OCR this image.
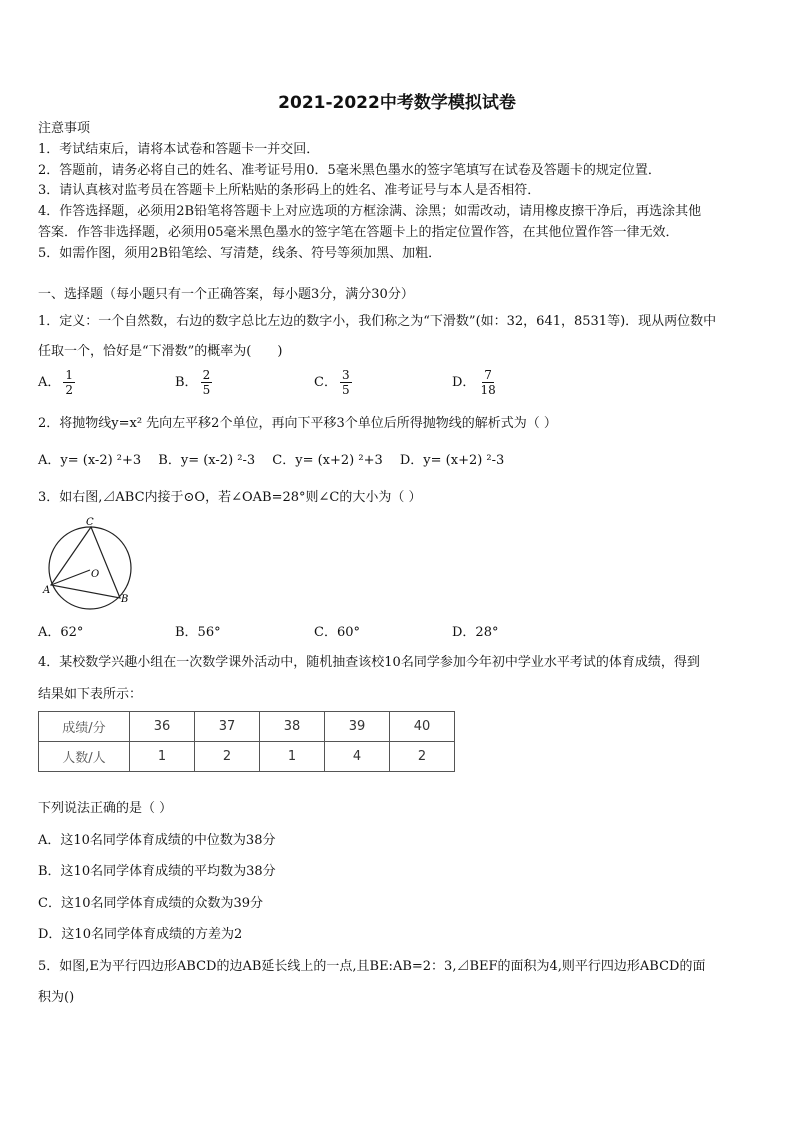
2021-2022中考数学模拟试卷
注意事项
1．考试结束后，请将本试卷和答题卡一并交回．
2．答题前，请务必将自己的姓名、准考证号用0．5毫米黑色墨水的签字笔填写在试卷及答题卡的规定位置．
3．请认真核对监考员在答题卡上所粘贴的条形码上的姓名、准考证号与本人是否相符．
4．作答选择题，必须用2B铅笔将答题卡上对应选项的方框涂满、涂黑；如需改动，请用橡皮擦干净后，再选涂其他
答案．作答非选择题，必须用05毫米黑色墨水的签字笔在答题卡上的指定位置作答，在其他位置作答一律无效．
5．如需作图，须用2B铅笔绘、写清楚，线条、符号等须加黑、加粗．
一、选择题（每小题只有一个正确答案，每小题3分，满分30分）
1．定义：一个自然数，右边的数字总比左边的数字小，我们称之为“下滑数”(如：32，641，8531等)．现从两位数中
任取一个，恰好是“下滑数”的概率为(　　)
A． $\frac{1}{2}$	B． $\frac{2}{5}$	C． $\frac{3}{5}$	D． $\frac{7}{18}$
2．将抛物线y=x² 先向左平移2个单位，再向下平移3个单位后所得抛物线的解析式为（ ）
A．y= (x-2) ²+3　 B．y= (x-2) ²-3　 C．y= (x+2) ²+3　 D．y= (x+2) ²-3
3．如右图,⊿ABC内接于⊙O，若∠OAB=28°则∠C的大小为（ ）
C
O
A
B
A．62°	B．56°	C．60°	D．28°
4．某校数学兴趣小组在一次数学课外活动中，随机抽查该校10名同学参加今年初中学业水平考试的体育成绩，得到
结果如下表所示：
成绩/分	36	37	38	39	40
人数/人	1	2	1	4	2
下列说法正确的是（ ）
A．这10名同学体育成绩的中位数为38分
B．这10名同学体育成绩的平均数为38分
C．这10名同学体育成绩的众数为39分
D．这10名同学体育成绩的方差为2
5．如图,E为平行四边形ABCD的边AB延长线上的一点,且BE:AB=2：3,⊿BEF的面积为4,则平行四边形ABCD的面
积为()
